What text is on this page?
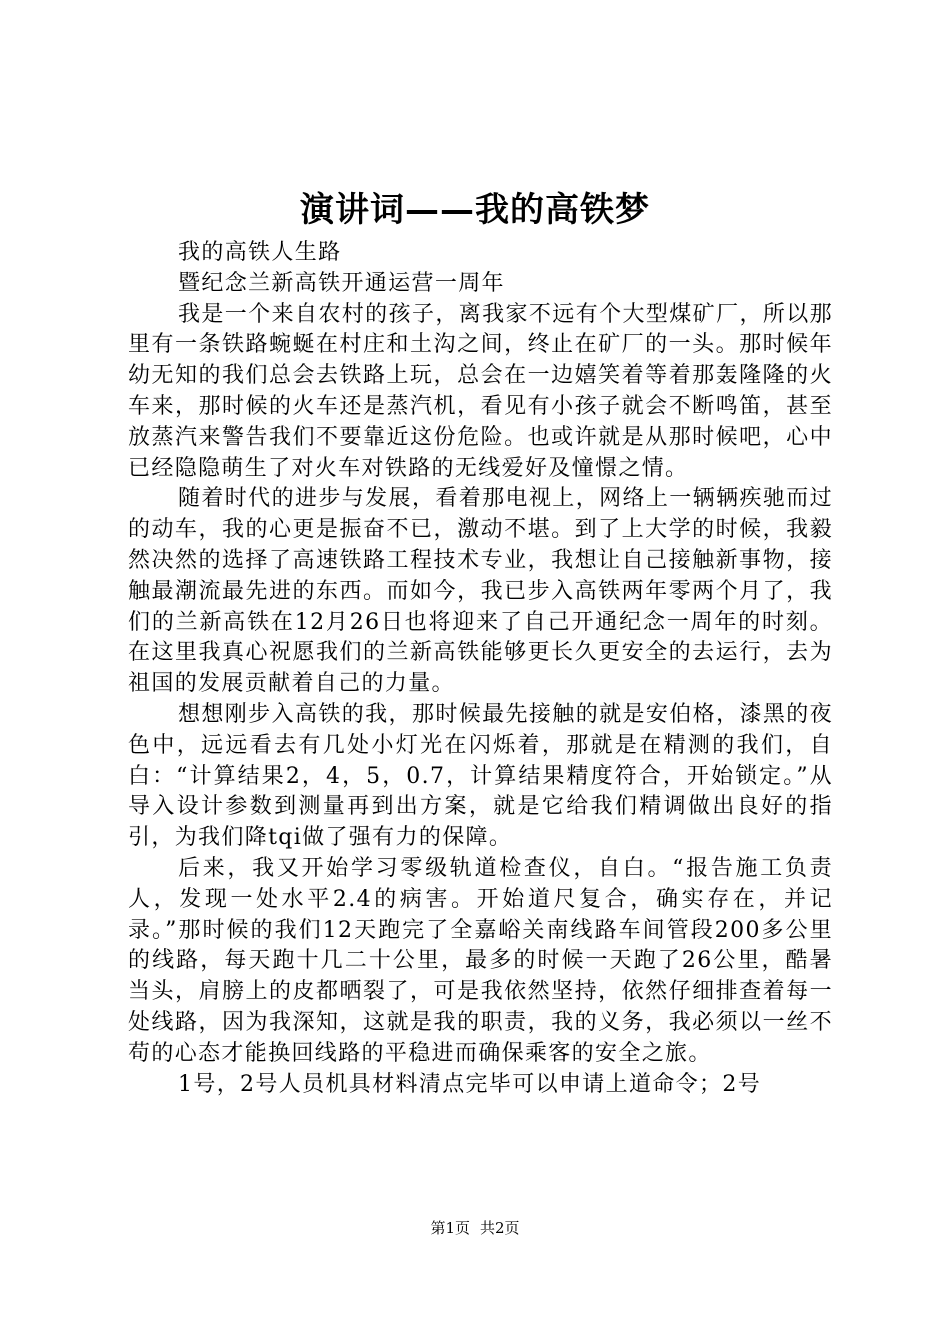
演讲词——我的高铁梦

我的高铁人生路

暨纪念兰新高铁开通运营一周年

我是一个来自农村的孩子，离我家不远有个大型煤矿厂，所以那里有一条铁路蜿蜒在村庄和土沟之间，终止在矿厂的一头。那时候年幼无知的我们总会去铁路上玩，总会在一边嬉笑着等着那轰隆隆的火车来，那时候的火车还是蒸汽机，看见有小孩子就会不断鸣笛，甚至放蒸汽来警告我们不要靠近这份危险。也或许就是从那时候吧，心中已经隐隐萌生了对火车对铁路的无线爱好及憧憬之情。

随着时代的进步与发展，看着那电视上，网络上一辆辆疾驰而过的动车，我的心更是振奋不已，激动不堪。到了上大学的时候，我毅然决然的选择了高速铁路工程技术专业，我想让自己接触新事物，接触最潮流最先进的东西。而如今，我已步入高铁两年零两个月了，我们的兰新高铁在12月26日也将迎来了自己开通纪念一周年的时刻。在这里我真心祝愿我们的兰新高铁能够更长久更安全的去运行，去为祖国的发展贡献着自己的力量。

想想刚步入高铁的我，那时候最先接触的就是安伯格，漆黑的夜色中，远远看去有几处小灯光在闪烁着，那就是在精测的我们，自白：“计算结果2，4，5，0.7，计算结果精度符合，开始锁定。”从导入设计参数到测量再到出方案，就是它给我们精调做出良好的指引，为我们降tqi做了强有力的保障。

后来，我又开始学习零级轨道检查仪，自白。“报告施工负责人，发现一处水平2.4的病害。开始道尺复合，确实存在，并记录。”那时候的我们12天跑完了全嘉峪关南线路车间管段200多公里的线路，每天跑十几二十公里，最多的时候一天跑了26公里，酷暑当头，肩膀上的皮都晒裂了，可是我依然坚持，依然仔细排查着每一处线路，因为我深知，这就是我的职责，我的义务，我必须以一丝不苟的心态才能换回线路的平稳进而确保乘客的安全之旅。

1号，2号人员机具材料清点完毕可以申请上道命令；2号

第1页 共2页
